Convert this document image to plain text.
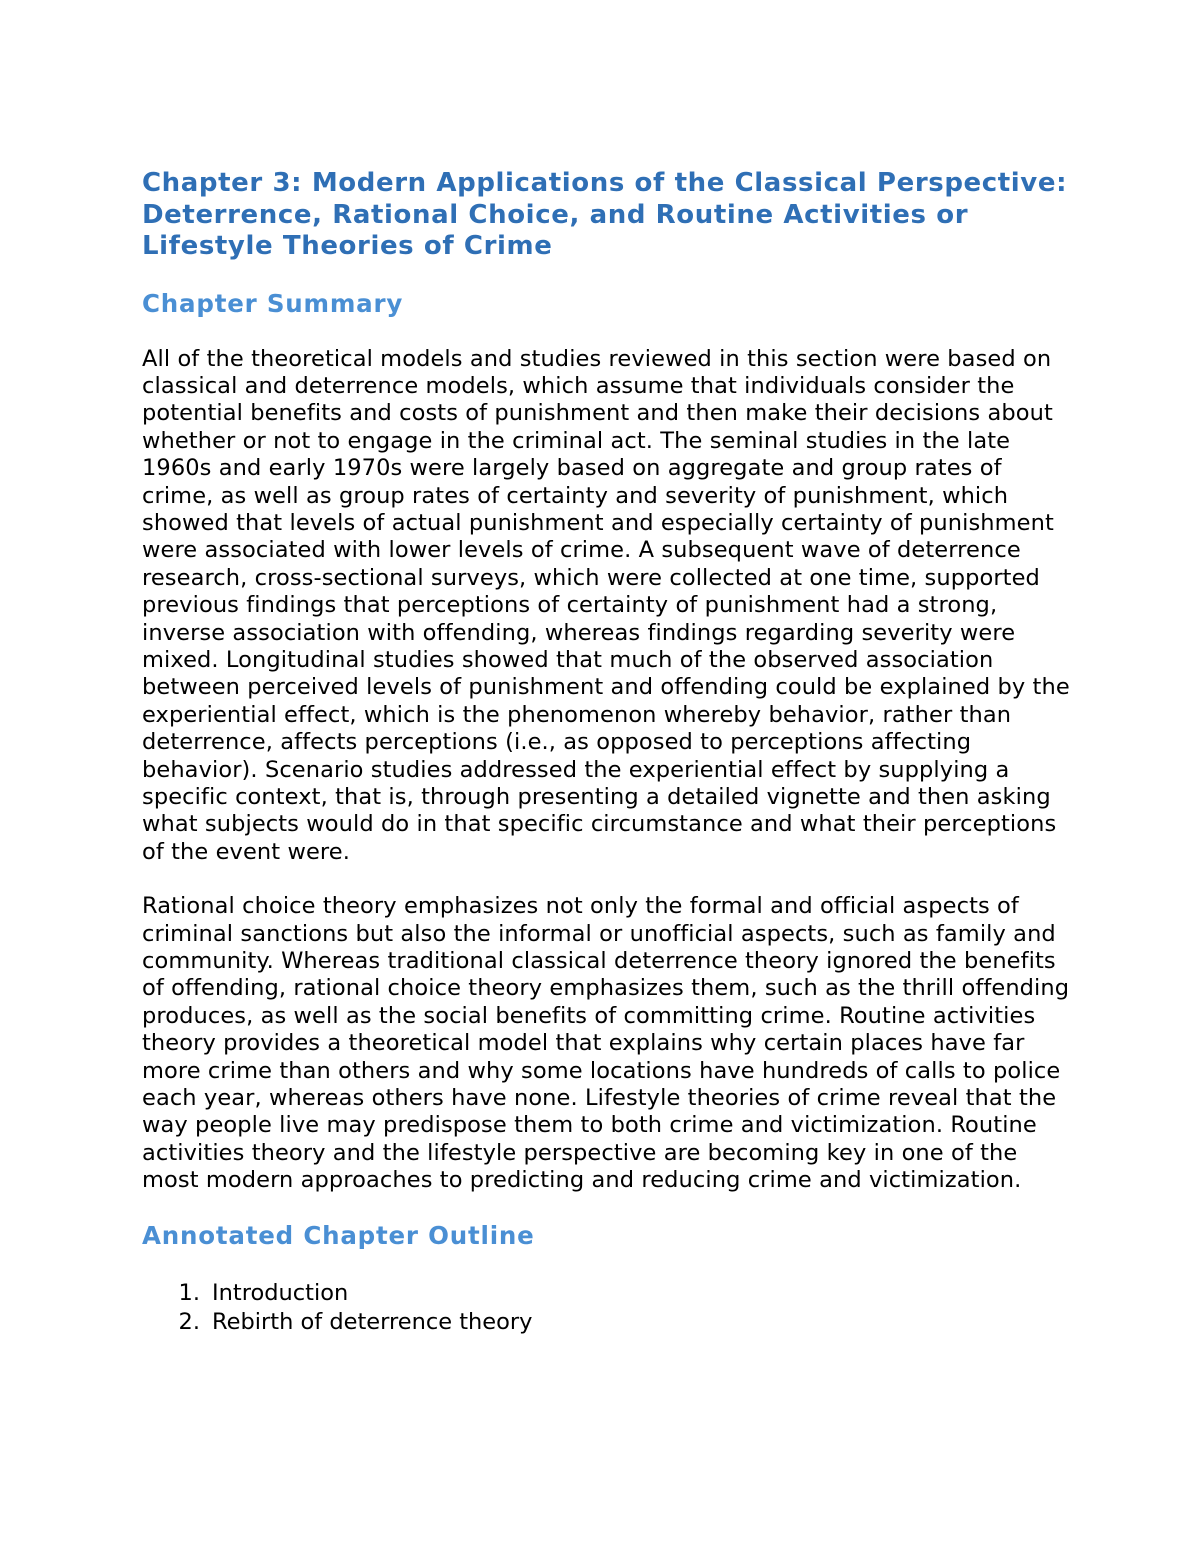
Chapter 3: Modern Applications of the Classical Perspective: Deterrence, Rational Choice, and Routine Activities or Lifestyle Theories of Crime
Chapter Summary

All of the theoretical models and studies reviewed in this section were based on classical and deterrence models, which assume that individuals consider the potential benefits and costs of punishment and then make their decisions about whether or not to engage in the criminal act. The seminal studies in the late 1960s and early 1970s were largely based on aggregate and group rates of crime, as well as group rates of certainty and severity of punishment, which showed that levels of actual punishment and especially certainty of punishment were associated with lower levels of crime. A subsequent wave of deterrence research, cross-sectional surveys, which were collected at one time, supported previous findings that perceptions of certainty of punishment had a strong, inverse association with offending, whereas findings regarding severity were mixed. Longitudinal studies showed that much of the observed association between perceived levels of punishment and offending could be explained by the experiential effect, which is the phenomenon whereby behavior, rather than deterrence, affects perceptions (i.e., as opposed to perceptions affecting behavior). Scenario studies addressed the experiential effect by supplying a specific context, that is, through presenting a detailed vignette and then asking what subjects would do in that specific circumstance and what their perceptions of the event were.

Rational choice theory emphasizes not only the formal and official aspects of criminal sanctions but also the informal or unofficial aspects, such as family and community. Whereas traditional classical deterrence theory ignored the benefits of offending, rational choice theory emphasizes them, such as the thrill offending produces, as well as the social benefits of committing crime. Routine activities theory provides a theoretical model that explains why certain places have far more crime than others and why some locations have hundreds of calls to police each year, whereas others have none. Lifestyle theories of crime reveal that the way people live may predispose them to both crime and victimization. Routine activities theory and the lifestyle perspective are becoming key in one of the most modern approaches to predicting and reducing crime and victimization.

Annotated Chapter Outline
1. Introduction
2. Rebirth of deterrence theory
